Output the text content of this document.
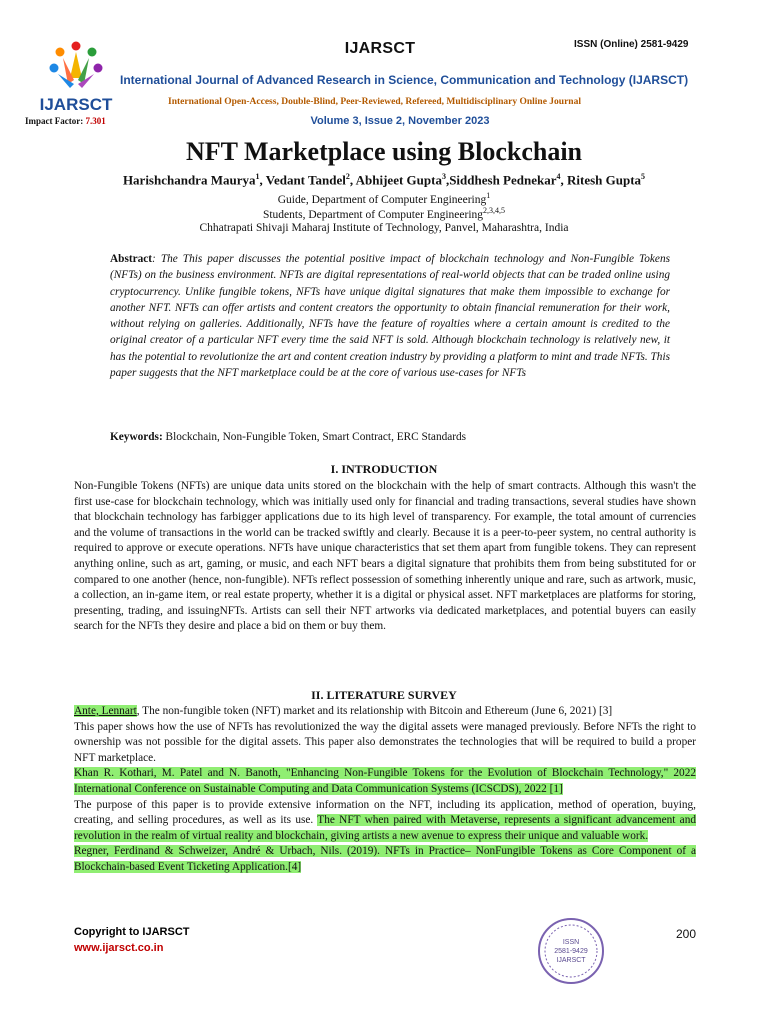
IJARSCT
IJARSCT	ISSN (Online) 2581-9429
International Journal of Advanced Research in Science, Communication and Technology (IJARSCT)
International Open-Access, Double-Blind, Peer-Reviewed, Refereed, Multidisciplinary Online Journal
Impact Factor: 7.301	Volume 3, Issue 2, November 2023
NFT Marketplace using Blockchain
Harishchandra Maurya$^1$, Vedant Tandel$^2$, Abhijeet Gupta$^3$,Siddhesh Pednekar$^4$, Ritesh Gupta$^5$
Guide, Department of Computer Engineering$^1$
Students, Department of Computer Engineering$^{2,3,4,5}$
Chhatrapati Shivaji Maharaj Institute of Technology, Panvel, Maharashtra, India
Abstract: The This paper discusses the potential positive impact of blockchain technology and Non-Fungible Tokens (NFTs) on the business environment. NFTs are digital representations of real-world objects that can be traded online using cryptocurrency. Unlike fungible tokens, NFTs have unique digital signatures that make them impossible to exchange for another NFT. NFTs can offer artists and content creators the opportunity to obtain financial remuneration for their work, without relying on galleries. Additionally, NFTs have the feature of royalties where a certain amount is credited to the original creator of a particular NFT every time the said NFT is sold. Although blockchain technology is relatively new, it has the potential to revolutionize the art and content creation industry by providing a platform to mint and trade NFTs. This paper suggests that the NFT marketplace could be at the core of various use-cases for NFTs
Keywords: Blockchain, Non-Fungible Token, Smart Contract, ERC Standards
I. INTRODUCTION
Non-Fungible Tokens (NFTs) are unique data units stored on the blockchain with the help of smart contracts. Although this wasn't the first use-case for blockchain technology, which was initially used only for financial and trading transactions, several studies have shown that blockchain technology has farbigger applications due to its high level of transparency. For example, the total amount of currencies and the volume of transactions in the world can be tracked swiftly and clearly. Because it is a peer-to-peer system, no central authority is required to approve or execute operations. NFTs have unique characteristics that set them apart from fungible tokens. They can represent anything online, such as art, gaming, or music, and each NFT bears a digital signature that prohibits them from being substituted for or compared to one another (hence, non-fungible). NFTs reflect possession of something inherently unique and rare, such as artwork, music, a collection, an in-game item, or real estate property, whether it is a digital or physical asset. NFT marketplaces are platforms for storing, presenting, trading, and issuingNFTs. Artists can sell their NFT artworks via dedicated marketplaces, and potential buyers can easily search for the NFTs they desire and place a bid on them or buy them.
II. LITERATURE SURVEY
Ante, Lennart, The non-fungible token (NFT) market and its relationship with Bitcoin and Ethereum (June 6, 2021) [3]
This paper shows how the use of NFTs has revolutionized the way the digital assets were managed previously. Before NFTs the right to ownership was not possible for the digital assets. This paper also demonstrates the technologies that will be required to build a proper NFT marketplace.
Khan R. Kothari, M. Patel and N. Banoth, "Enhancing Non-Fungible Tokens for the Evolution of Blockchain Technology," 2022 International Conference on Sustainable Computing and Data Communication Systems (ICSCDS), 2022 [1]
The purpose of this paper is to provide extensive information on the NFT, including its application, method of operation, buying, creating, and selling procedures, as well as its use. The NFT when paired with Metaverse, represents a significant advancement and revolution in the realm of virtual reality and blockchain, giving artists a new avenue to express their unique and valuable work.
Regner, Ferdinand & Schweizer, André & Urbach, Nils. (2019). NFTs in Practice– NonFungible Tokens as Core Component of a Blockchain-based Event Ticketing Application.[4]
Copyright to IJARSCT
www.ijarsct.co.in
200
ISSN
2581-9429
IJARSCT
